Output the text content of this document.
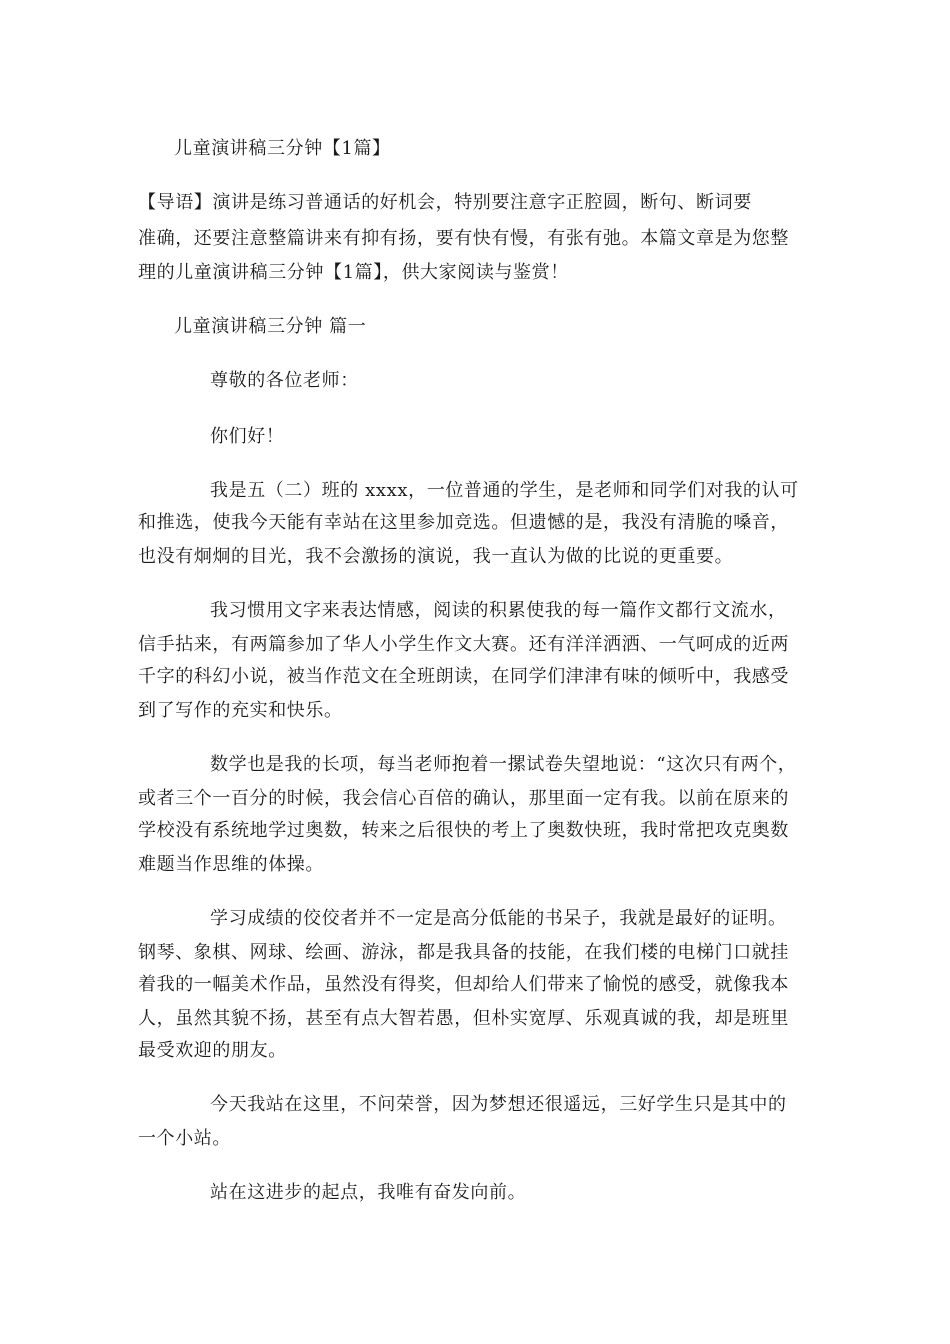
儿童演讲稿三分钟【1篇】
【导语】演讲是练习普通话的好机会，特别要注意字正腔圆，断句、断词要
准确，还要注意整篇讲来有抑有扬，要有快有慢，有张有弛。本篇文章是为您整
理的儿童演讲稿三分钟【1篇】，供大家阅读与鉴赏！
儿童演讲稿三分钟 篇一
尊敬的各位老师：
你们好！
我是五（二）班的 xxxx，一位普通的学生，是老师和同学们对我的认可
和推选，使我今天能有幸站在这里参加竞选。但遗憾的是，我没有清脆的嗓音，
也没有炯炯的目光，我不会激扬的演说，我一直认为做的比说的更重要。
我习惯用文字来表达情感，阅读的积累使我的每一篇作文都行文流水，
信手拈来，有两篇参加了华人小学生作文大赛。还有洋洋洒洒、一气呵成的近两
千字的科幻小说，被当作范文在全班朗读，在同学们津津有味的倾听中，我感受
到了写作的充实和快乐。
数学也是我的长项，每当老师抱着一摞试卷失望地说：“这次只有两个，
或者三个一百分的时候，我会信心百倍的确认，那里面一定有我。以前在原来的
学校没有系统地学过奥数，转来之后很快的考上了奥数快班，我时常把攻克奥数
难题当作思维的体操。
学习成绩的佼佼者并不一定是高分低能的书呆子，我就是最好的证明。
钢琴、象棋、网球、绘画、游泳，都是我具备的技能，在我们楼的电梯门口就挂
着我的一幅美术作品，虽然没有得奖，但却给人们带来了愉悦的感受，就像我本
人，虽然其貌不扬，甚至有点大智若愚，但朴实宽厚、乐观真诚的我，却是班里
最受欢迎的朋友。
今天我站在这里，不问荣誉，因为梦想还很遥远，三好学生只是其中的
一个小站。
站在这进步的起点，我唯有奋发向前。
